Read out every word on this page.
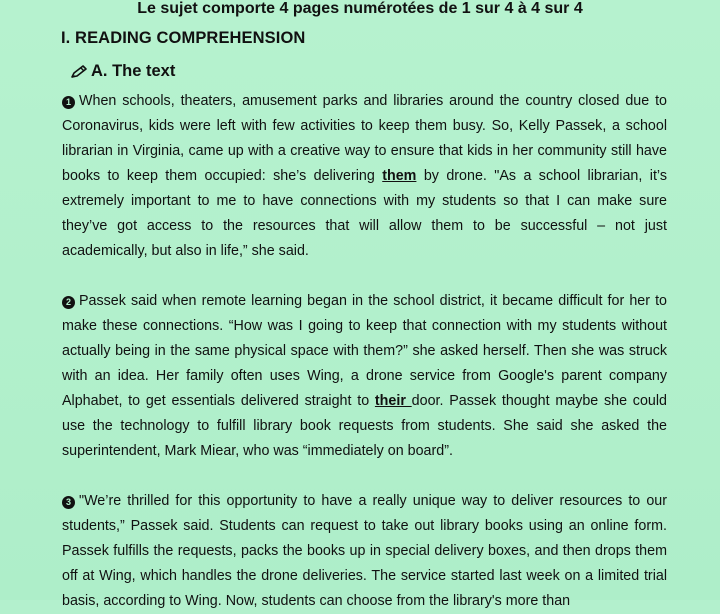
Le sujet comporte 4 pages numérotées de 1 sur 4 à 4 sur 4
I. READING COMPREHENSION
A. The text
1 When schools, theaters, amusement parks and libraries around the country closed due to Coronavirus, kids were left with few activities to keep them busy. So, Kelly Passek, a school librarian in Virginia, came up with a creative way to ensure that kids in her community still have books to keep them occupied: she’s delivering them by drone. "As a school librarian, it’s extremely important to me to have connections with my students so that I can make sure they’ve got access to the resources that will allow them to be successful – not just academically, but also in life,” she said.
2 Passek said when remote learning began in the school district, it became difficult for her to make these connections. “How was I going to keep that connection with my students without actually being in the same physical space with them?” she asked herself. Then she was struck with an idea. Her family often uses Wing, a drone service from Google's parent company Alphabet, to get essentials delivered straight to their door. Passek thought maybe she could use the technology to fulfill library book requests from students. She said she asked the superintendent, Mark Miear, who was “immediately on board”.
3 "We’re thrilled for this opportunity to have a really unique way to deliver resources to our students,” Passek said. Students can request to take out library books using an online form. Passek fulfills the requests, packs the books up in special delivery boxes, and then drops them off at Wing, which handles the drone deliveries. The service started last week on a limited trial basis, according to Wing. Now, students can choose from the library's more than
